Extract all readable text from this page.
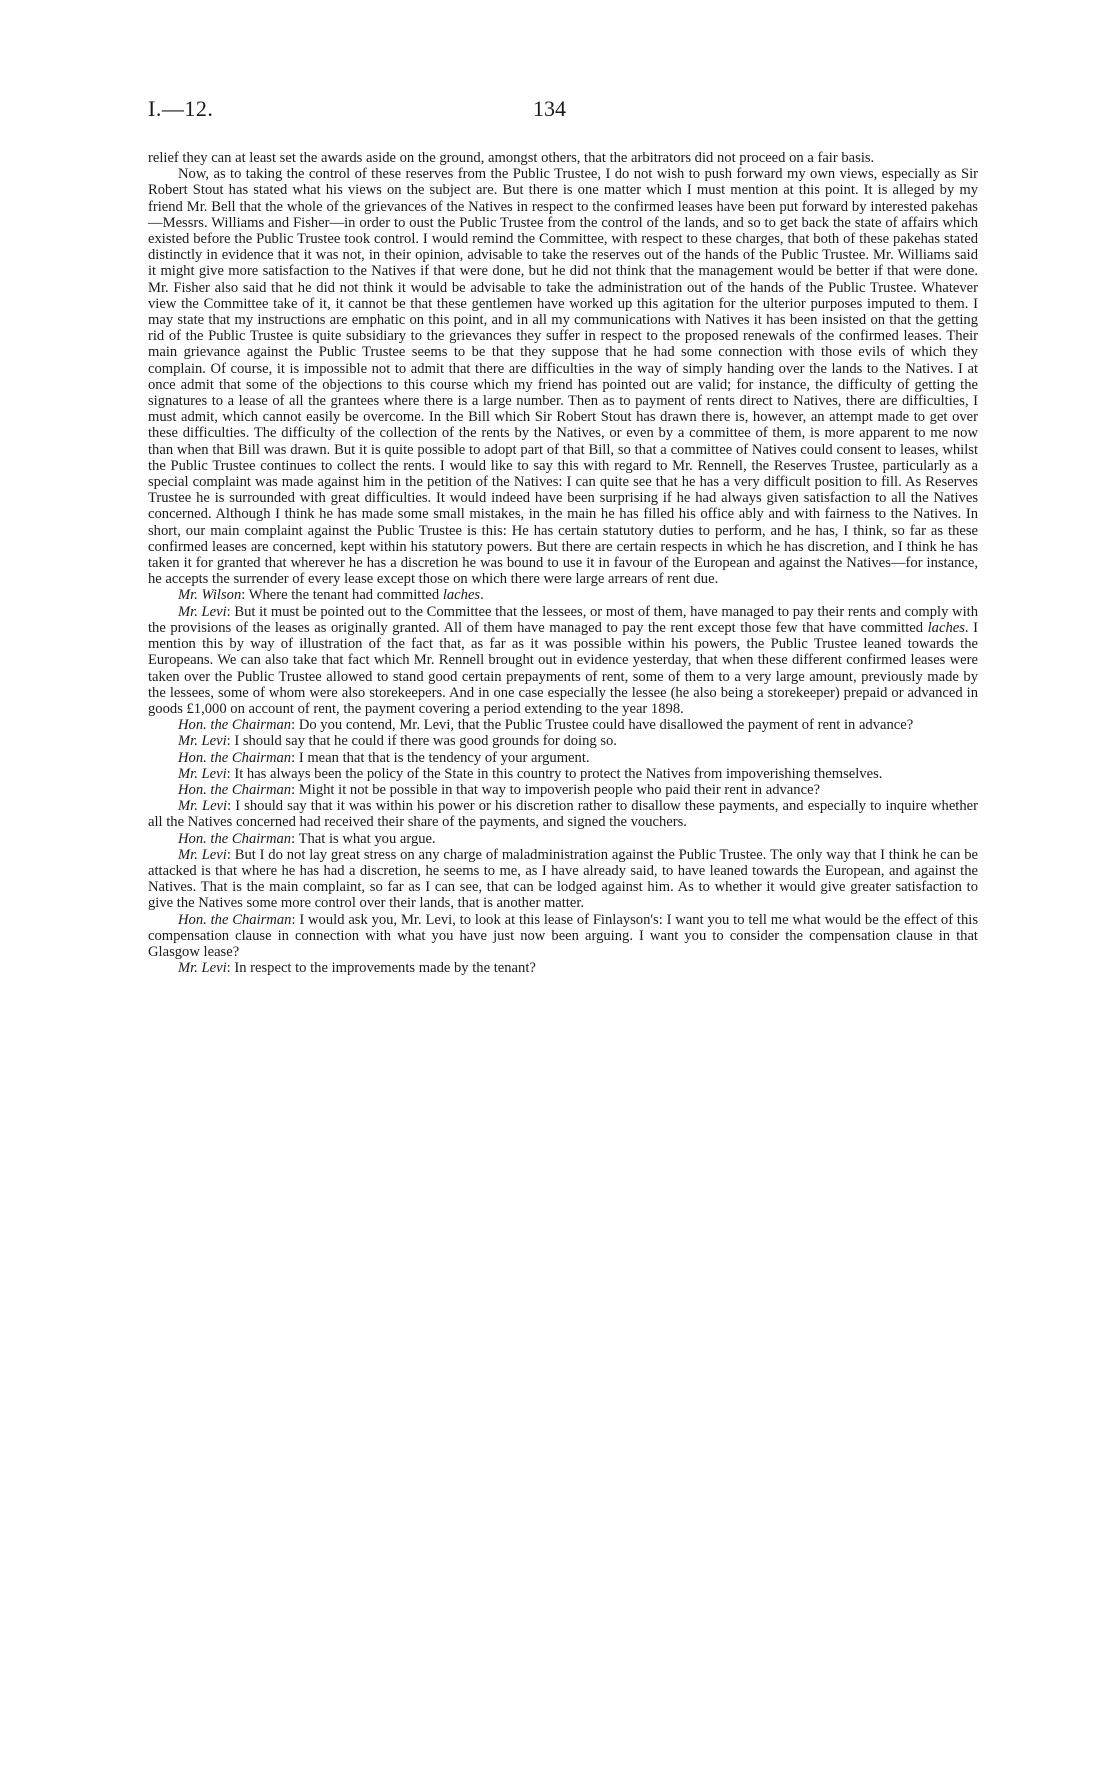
I.—12.	134

relief they can at least set the awards aside on the ground, amongst others, that the arbitrators did not proceed on a fair basis.

Now, as to taking the control of these reserves from the Public Trustee, I do not wish to push forward my own views, especially as Sir Robert Stout has stated what his views on the subject are. But there is one matter which I must mention at this point. It is alleged by my friend Mr. Bell that the whole of the grievances of the Natives in respect to the confirmed leases have been put forward by interested pakehas—Messrs. Williams and Fisher—in order to oust the Public Trustee from the control of the lands, and so to get back the state of affairs which existed before the Public Trustee took control. I would remind the Committee, with respect to these charges, that both of these pakehas stated distinctly in evidence that it was not, in their opinion, advisable to take the reserves out of the hands of the Public Trustee. Mr. Williams said it might give more satisfaction to the Natives if that were done, but he did not think that the management would be better if that were done. Mr. Fisher also said that he did not think it would be advisable to take the administration out of the hands of the Public Trustee. Whatever view the Committee take of it, it cannot be that these gentlemen have worked up this agitation for the ulterior purposes imputed to them. I may state that my instructions are emphatic on this point, and in all my communications with Natives it has been insisted on that the getting rid of the Public Trustee is quite subsidiary to the grievances they suffer in respect to the proposed renewals of the confirmed leases. Their main grievance against the Public Trustee seems to be that they suppose that he had some connection with those evils of which they complain. Of course, it is impossible not to admit that there are difficulties in the way of simply handing over the lands to the Natives. I at once admit that some of the objections to this course which my friend has pointed out are valid; for instance, the difficulty of getting the signatures to a lease of all the grantees where there is a large number. Then as to payment of rents direct to Natives, there are difficulties, I must admit, which cannot easily be overcome. In the Bill which Sir Robert Stout has drawn there is, however, an attempt made to get over these difficulties. The difficulty of the collection of the rents by the Natives, or even by a committee of them, is more apparent to me now than when that Bill was drawn. But it is quite possible to adopt part of that Bill, so that a committee of Natives could consent to leases, whilst the Public Trustee continues to collect the rents. I would like to say this with regard to Mr. Rennell, the Reserves Trustee, particularly as a special complaint was made against him in the petition of the Natives: I can quite see that he has a very difficult position to fill. As Reserves Trustee he is surrounded with great difficulties. It would indeed have been surprising if he had always given satisfaction to all the Natives concerned. Although I think he has made some small mistakes, in the main he has filled his office ably and with fairness to the Natives. In short, our main complaint against the Public Trustee is this: He has certain statutory duties to perform, and he has, I think, so far as these confirmed leases are concerned, kept within his statutory powers. But there are certain respects in which he has discretion, and I think he has taken it for granted that wherever he has a discretion he was bound to use it in favour of the European and against the Natives—for instance, he accepts the surrender of every lease except those on which there were large arrears of rent due.

Mr. Wilson: Where the tenant had committed laches.

Mr. Levi: But it must be pointed out to the Committee that the lessees, or most of them, have managed to pay their rents and comply with the provisions of the leases as originally granted. All of them have managed to pay the rent except those few that have committed laches. I mention this by way of illustration of the fact that, as far as it was possible within his powers, the Public Trustee leaned towards the Europeans. We can also take that fact which Mr. Rennell brought out in evidence yesterday, that when these different confirmed leases were taken over the Public Trustee allowed to stand good certain prepayments of rent, some of them to a very large amount, previously made by the lessees, some of whom were also storekeepers. And in one case especially the lessee (he also being a storekeeper) prepaid or advanced in goods £1,000 on account of rent, the payment covering a period extending to the year 1898.

Hon. the Chairman: Do you contend, Mr. Levi, that the Public Trustee could have disallowed the payment of rent in advance?

Mr. Levi: I should say that he could if there was good grounds for doing so.

Hon. the Chairman: I mean that that is the tendency of your argument.

Mr. Levi: It has always been the policy of the State in this country to protect the Natives from impoverishing themselves.

Hon. the Chairman: Might it not be possible in that way to impoverish people who paid their rent in advance?

Mr. Levi: I should say that it was within his power or his discretion rather to disallow these payments, and especially to inquire whether all the Natives concerned had received their share of the payments, and signed the vouchers.

Hon. the Chairman: That is what you argue.

Mr. Levi: But I do not lay great stress on any charge of maladministration against the Public Trustee. The only way that I think he can be attacked is that where he has had a discretion, he seems to me, as I have already said, to have leaned towards the European, and against the Natives. That is the main complaint, so far as I can see, that can be lodged against him. As to whether it would give greater satisfaction to give the Natives some more control over their lands, that is another matter.

Hon. the Chairman: I would ask you, Mr. Levi, to look at this lease of Finlayson's: I want you to tell me what would be the effect of this compensation clause in connection with what you have just now been arguing. I want you to consider the compensation clause in that Glasgow lease?

Mr. Levi: In respect to the improvements made by the tenant?
